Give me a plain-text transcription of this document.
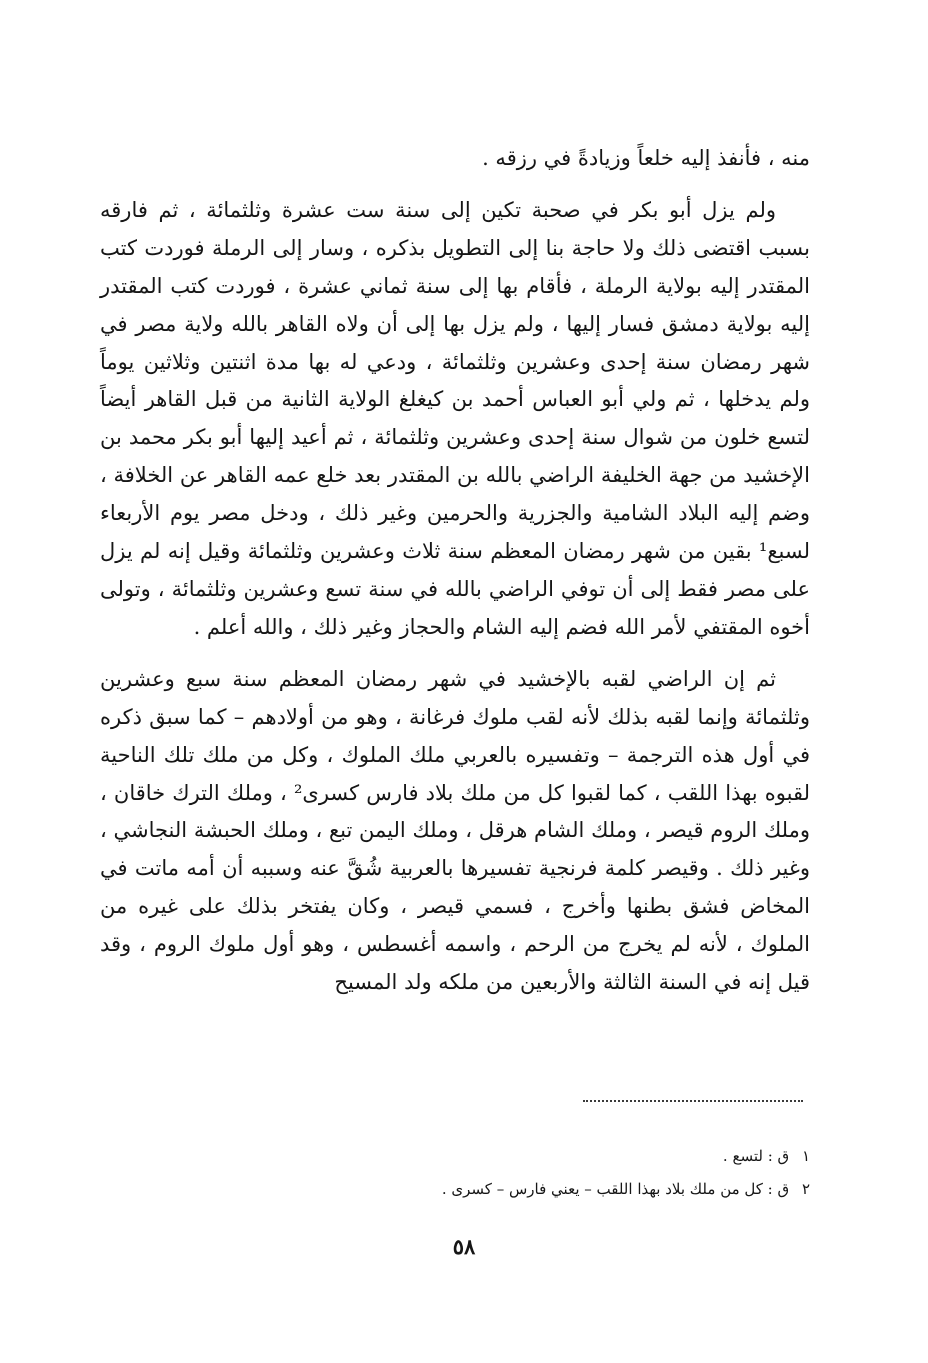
منه ، فأنفذ إليه خلعاً وزيادةً في رزقه .

ولم يزل أبو بكر في صحبة تكين إلى سنة ست عشرة وثلثمائة ، ثم فارقه بسبب اقتضى ذلك ولا حاجة بنا إلى التطويل بذكره ، وسار إلى الرملة فوردت كتب المقتدر إليه بولاية الرملة ، فأقام بها إلى سنة ثماني عشرة ، فوردت كتب المقتدر إليه بولاية دمشق فسار إليها ، ولم يزل بها إلى أن ولاه القاهر بالله ولاية مصر في شهر رمضان سنة إحدى وعشرين وثلثمائة ، ودعي له بها مدة اثنتين وثلاثين يوماً ولم يدخلها ، ثم ولي أبو العباس أحمد بن كيغلغ الولاية الثانية من قبل القاهر أيضاً لتسع خلون من شوال سنة إحدى وعشرين وثلثمائة ، ثم أعيد إليها أبو بكر محمد بن الإخشيد من جهة الخليفة الراضي بالله بن المقتدر بعد خلع عمه القاهر عن الخلافة ، وضم إليه البلاد الشامية والجزرية والحرمين وغير ذلك ، ودخل مصر يوم الأربعاء لسبع¹ بقين من شهر رمضان المعظم سنة ثلاث وعشرين وثلثمائة وقيل إنه لم يزل على مصر فقط إلى أن توفي الراضي بالله في سنة تسع وعشرين وثلثمائة ، وتولى أخوه المقتفي لأمر الله فضم إليه الشام والحجاز وغير ذلك ، والله أعلم .

ثم إن الراضي لقبه بالإخشيد في شهر رمضان المعظم سنة سبع وعشرين وثلثمائة وإنما لقبه بذلك لأنه لقب ملوك فرغانة ، وهو من أولادهم – كما سبق ذكره في أول هذه الترجمة – وتفسيره بالعربي ملك الملوك ، وكل من ملك تلك الناحية لقبوه بهذا اللقب ، كما لقبوا كل من ملك بلاد فارس كسرى² ، وملك الترك خاقان ، وملك الروم قيصر ، وملك الشام هرقل ، وملك اليمن تبع ، وملك الحبشة النجاشي ، وغير ذلك . وقيصر كلمة فرنجية تفسيرها بالعربية شُقَّ عنه وسببه أن أمه ماتت في المخاض فشق بطنها وأخرج ، فسمي قيصر ، وكان يفتخر بذلك على غيره من الملوك ، لأنه لم يخرج من الرحم ، واسمه أغسطس ، وهو أول ملوك الروم ، وقد قيل إنه في السنة الثالثة والأربعين من ملكه ولد المسيح

١ ق : لتسع .

٢ ق : كل من ملك بلاد بهذا اللقب – يعني فارس – كسرى .

٥٨
